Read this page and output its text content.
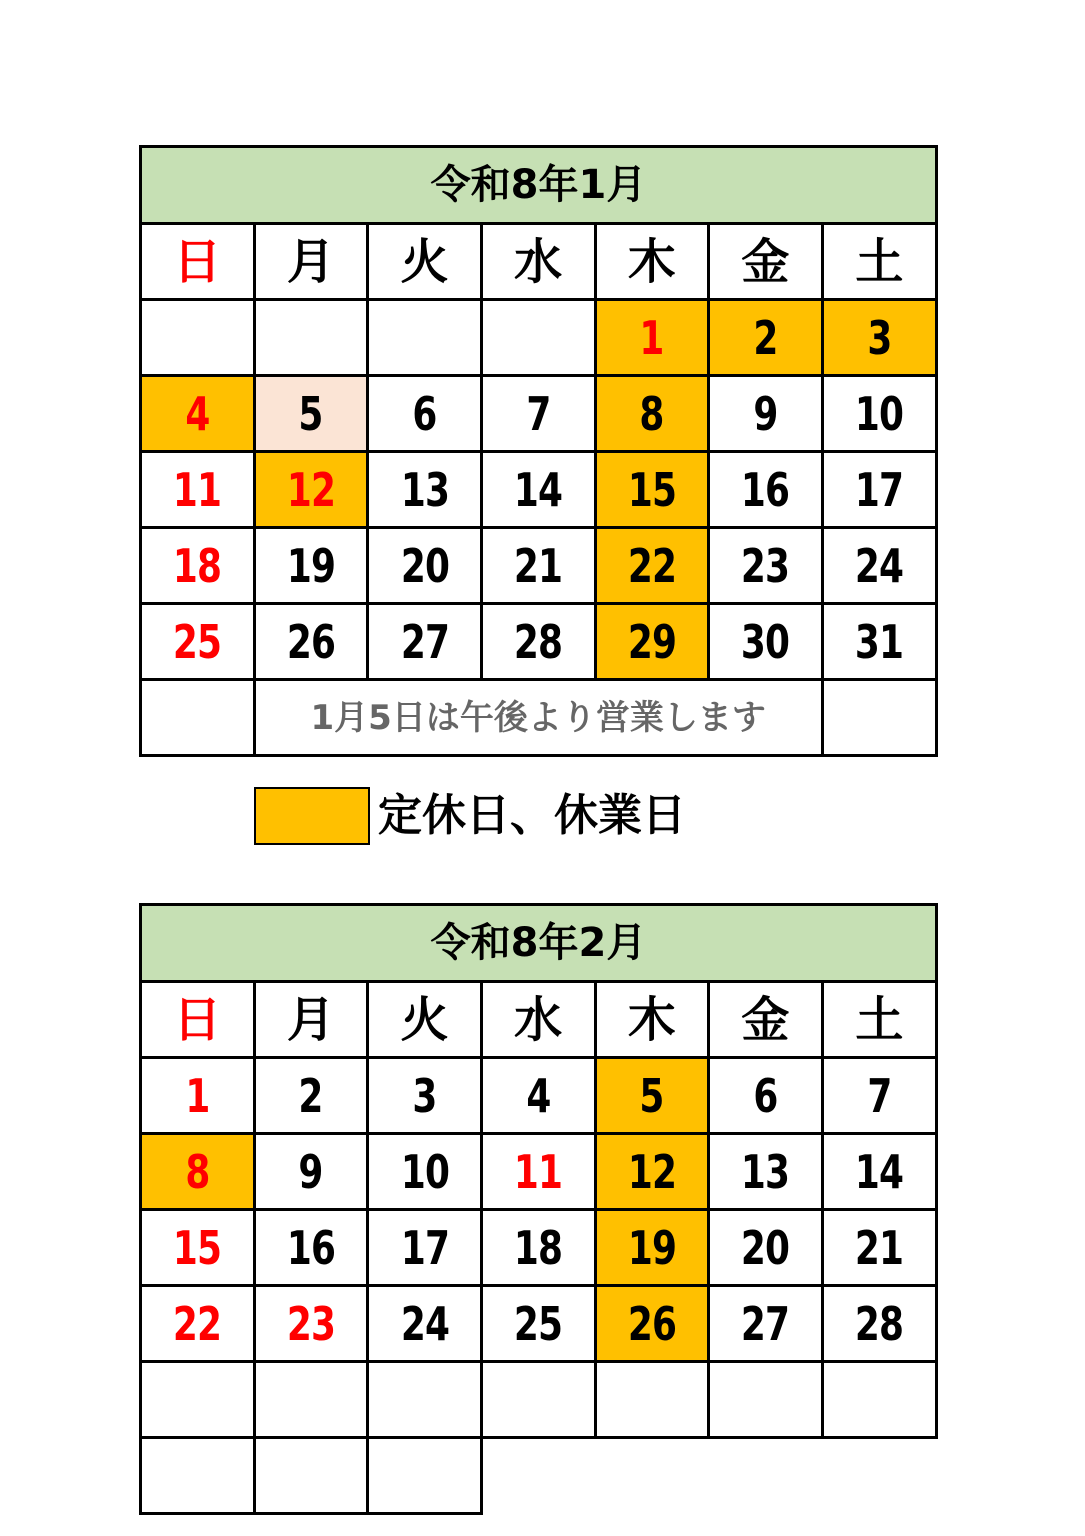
令和8年1月						
日	月	火	水	木	金	土
				1	2	3
4	5	6	7	8	9	10
11	12	13	14	15	16	17
18	19	20	21	22	23	24
25	26	27	28	29	30	31
	1月5日は午後より営業します					
定休日、休業日
令和8年2月						
日	月	火	水	木	金	土
1	2	3	4	5	6	7
8	9	10	11	12	13	14
15	16	17	18	19	20	21
22	23	24	25	26	27	28
